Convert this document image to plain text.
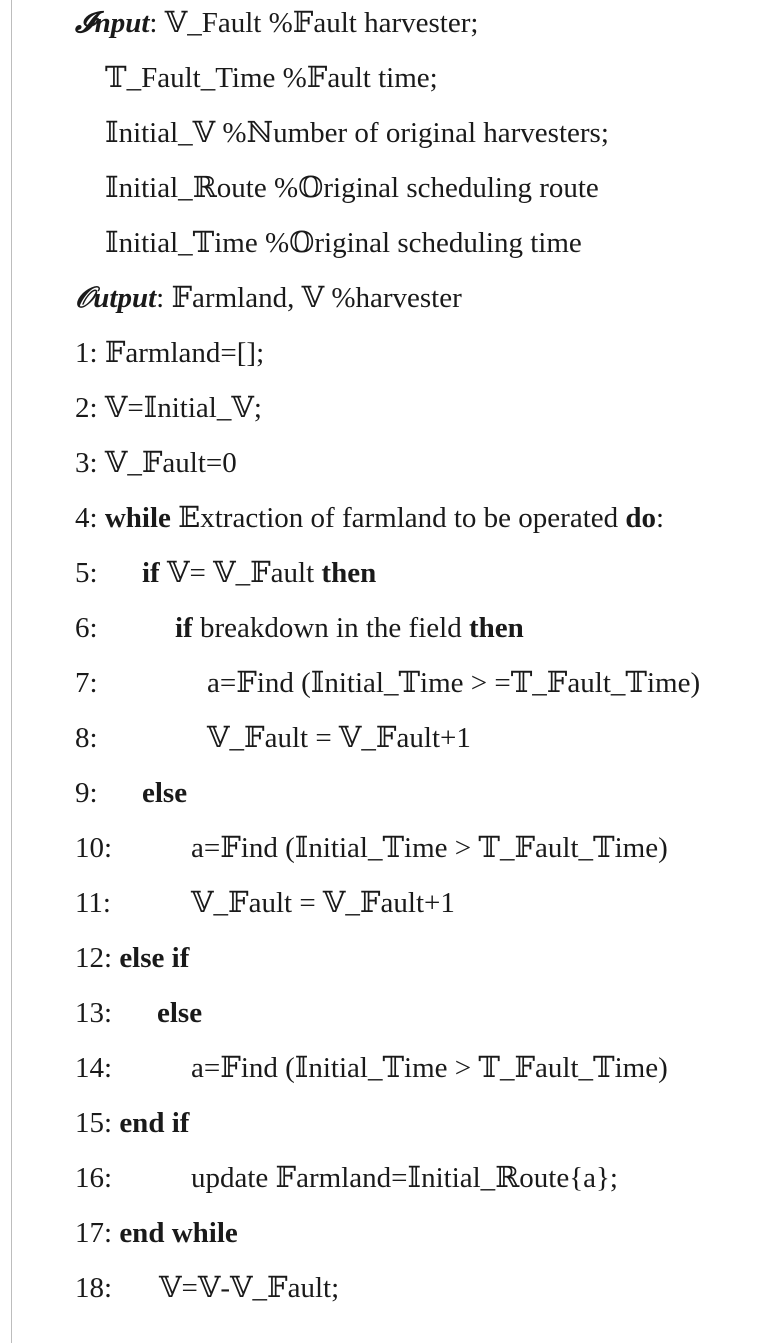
𝓘nput: 𝕍_Fault %𝔽ault harvester;
𝕋_Fault_Time %𝔽ault time;
𝕀nitial_𝕍 %ℕumber of original harvesters;
𝕀nitial_ℝoute %𝕆riginal scheduling route
𝕀nitial_𝕋ime %𝕆riginal scheduling time
𝒪utput: 𝔽armland, 𝕍 %harvester
1: 𝔽armland=[];
2: 𝕍=𝕀nitial_𝕍;
3: 𝕍_𝔽ault=0
4: while 𝔼xtraction of farmland to be operated do:
5: if 𝕍= 𝕍_𝔽ault then
6:	if breakdown in the field then
7:	a=𝔽ind (𝕀nitial_𝕋ime > =𝕋_𝔽ault_𝕋ime)
8:	𝕍_𝔽ault = 𝕍_𝔽ault+1
9: else
10:	a=𝔽ind (𝕀nitial_𝕋ime > 𝕋_𝔽ault_𝕋ime)
11:	𝕍_𝔽ault = 𝕍_𝔽ault+1
12: else if
13: else
14:	a=𝔽ind (𝕀nitial_𝕋ime > 𝕋_𝔽ault_𝕋ime)
15: end if
16:	update 𝔽armland=𝕀nitial_ℝoute{a};
17: end while
18: 𝕍=𝕍-𝕍_𝔽ault;
